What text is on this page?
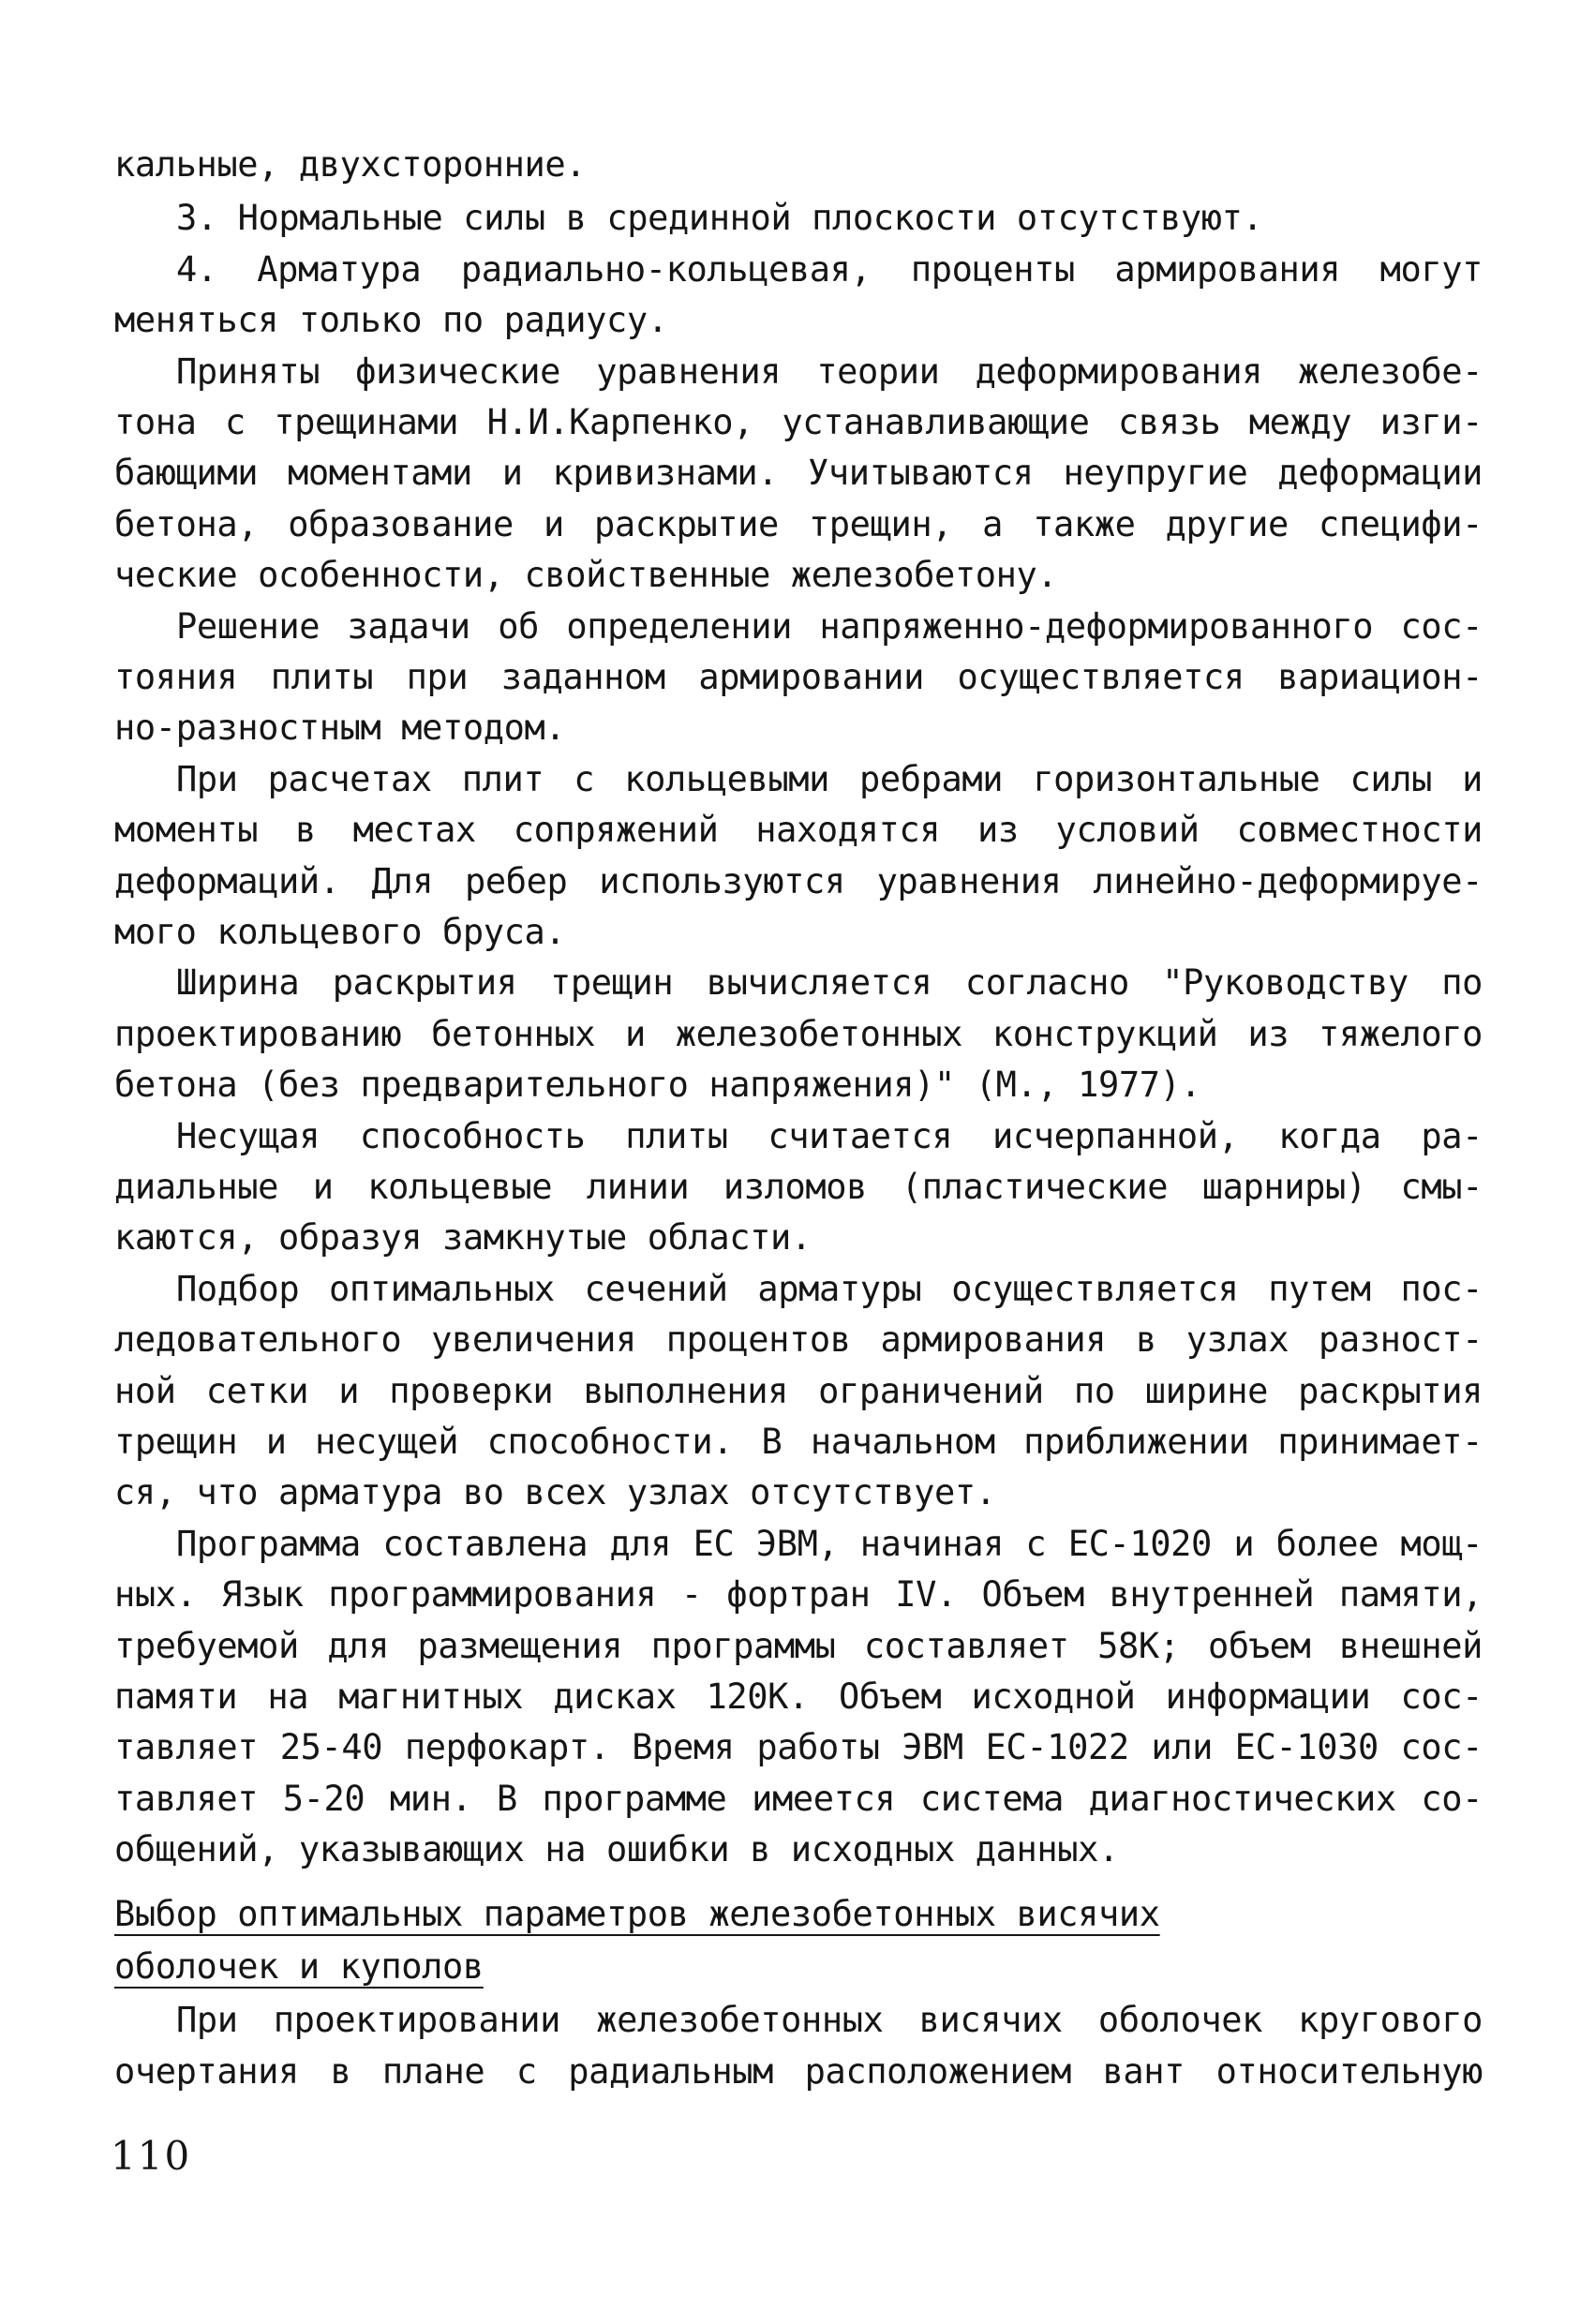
кальные, двухсторонние.
3. Нормальные силы в срединной плоскости отсутствуют.
4. Арматура радиально-кольцевая, проценты армирования могут
меняться только по радиусу.
Приняты физические уравнения теории деформирования железобе-
тона с трещинами Н.И.Карпенко, устанавливающие связь между изги-
бающими моментами и кривизнами. Учитываются неупругие деформации
бетона, образование и раскрытие трещин, а также другие специфи-
ческие особенности, свойственные железобетону.
Решение задачи об определении напряженно-деформированного сос-
тояния плиты при заданном армировании осуществляется вариацион-
но-разностным методом.
При расчетах плит с кольцевыми ребрами горизонтальные силы и
моменты в местах сопряжений находятся из условий совместности
деформаций. Для ребер используются уравнения линейно-деформируе-
мого кольцевого бруса.
Ширина раскрытия трещин вычисляется согласно "Руководству по
проектированию бетонных и железобетонных конструкций из тяжелого
бетона (без предварительного напряжения)" (М., 1977).
Несущая способность плиты считается исчерпанной, когда ра-
диальные и кольцевые линии изломов (пластические шарниры) смы-
каются, образуя замкнутые области.
Подбор оптимальных сечений арматуры осуществляется путем пос-
ледовательного увеличения процентов армирования в узлах разност-
ной сетки и проверки выполнения ограничений по ширине раскрытия
трещин и несущей способности. В начальном приближении принимает-
ся, что арматура во всех узлах отсутствует.
Программа составлена для ЕС ЭВМ, начиная с ЕС-1020 и более мощ-
ных. Язык программирования - фортран IV. Объем внутренней памяти,
требуемой для размещения программы составляет 58К; объем внешней
памяти на магнитных дисках 120К. Объем исходной информации сос-
тавляет 25-40 перфокарт. Время работы ЭВМ ЕС-1022 или ЕС-1030 сос-
тавляет 5-20 мин. В программе имеется система диагностических со-
общений, указывающих на ошибки в исходных данных.
Выбор оптимальных параметров железобетонных висячих
оболочек и куполов
При проектировании железобетонных висячих оболочек кругового
очертания в плане с радиальным расположением вант относительную
110
